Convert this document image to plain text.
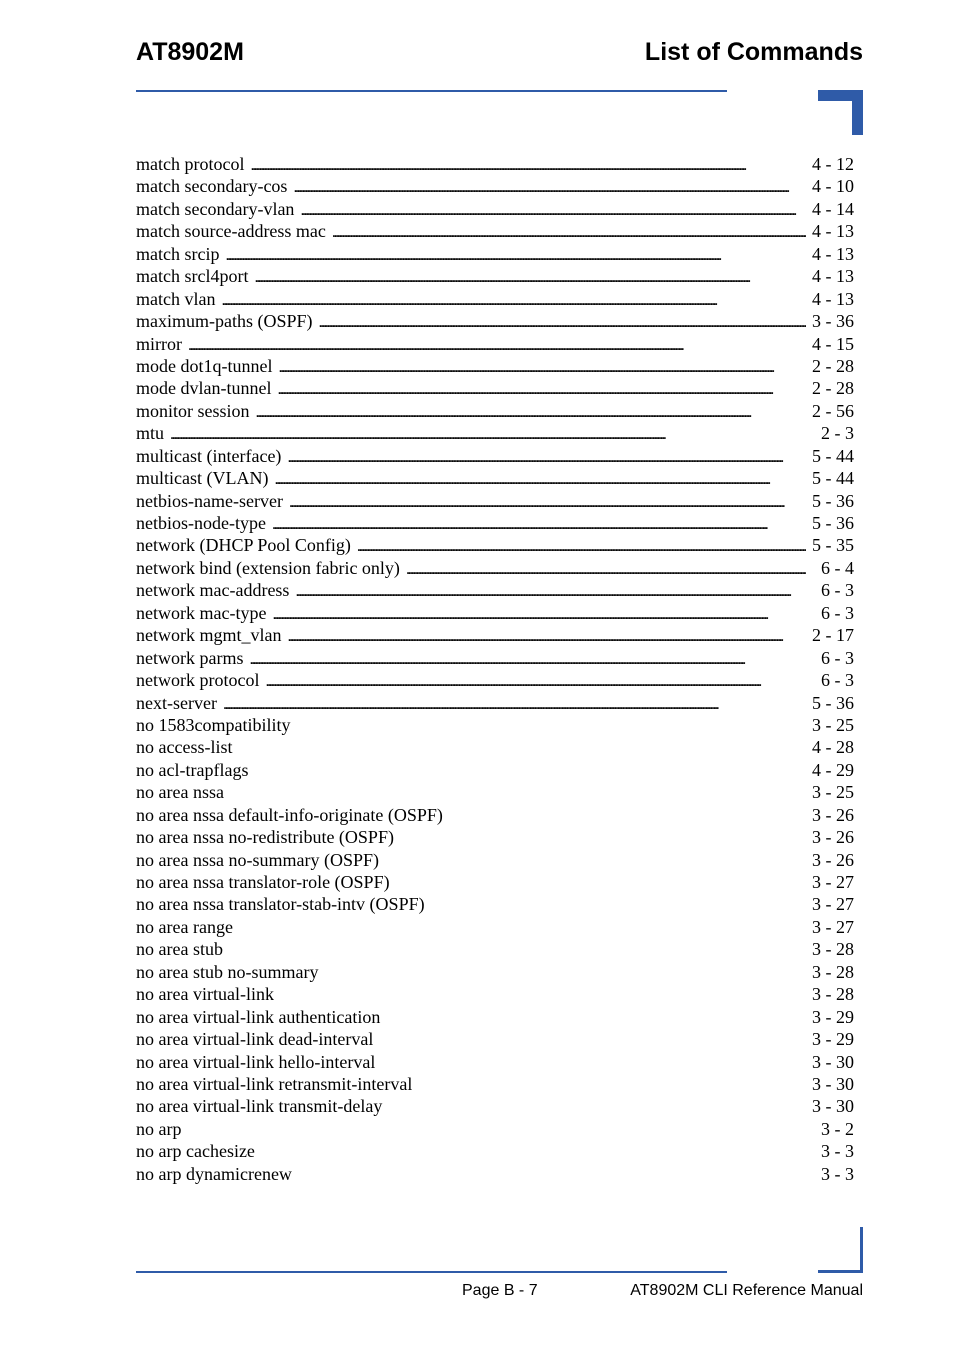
AT8902M	List of Commands
match protocol . . .	4 - 12
match secondary-cos . . .	4 - 10
match secondary-vlan . . .	4 - 14
match source-address mac . . .	4 - 13
match srcip . . .	4 - 13
match srcl4port . . .	4 - 13
match vlan . . .	4 - 13
maximum-paths (OSPF) . . .	3 - 36
mirror . . .	4 - 15
mode dot1q-tunnel . . .	2 - 28
mode dvlan-tunnel . . .	2 - 28
monitor session . . .	2 - 56
mtu . . .	2 - 3
multicast (interface) . . .	5 - 44
multicast (VLAN) . . .	5 - 44
netbios-name-server . . .	5 - 36
netbios-node-type . . .	5 - 36
network (DHCP Pool Config) . . .	5 - 35
network bind (extension fabric only) . . .	6 - 4
network mac-address . . .	6 - 3
network mac-type . . .	6 - 3
network mgmt_vlan . . .	2 - 17
network parms . . .	6 - 3
network protocol . . .	6 - 3
next-server . . .	5 - 36
no 1583compatibility	3 - 25
no access-list	4 - 28
no acl-trapflags	4 - 29
no area nssa	3 - 25
no area nssa default-info-originate (OSPF)	3 - 26
no area nssa no-redistribute (OSPF)	3 - 26
no area nssa no-summary (OSPF)	3 - 26
no area nssa translator-role (OSPF)	3 - 27
no area nssa translator-stab-intv (OSPF)	3 - 27
no area range	3 - 27
no area stub	3 - 28
no area stub no-summary	3 - 28
no area virtual-link	3 - 28
no area virtual-link authentication	3 - 29
no area virtual-link dead-interval	3 - 29
no area virtual-link hello-interval	3 - 30
no area virtual-link retransmit-interval	3 - 30
no area virtual-link transmit-delay	3 - 30
no arp	3 - 2
no arp cachesize	3 - 3
no arp dynamicrenew	3 - 3
Page B - 7	AT8902M CLI Reference Manual
